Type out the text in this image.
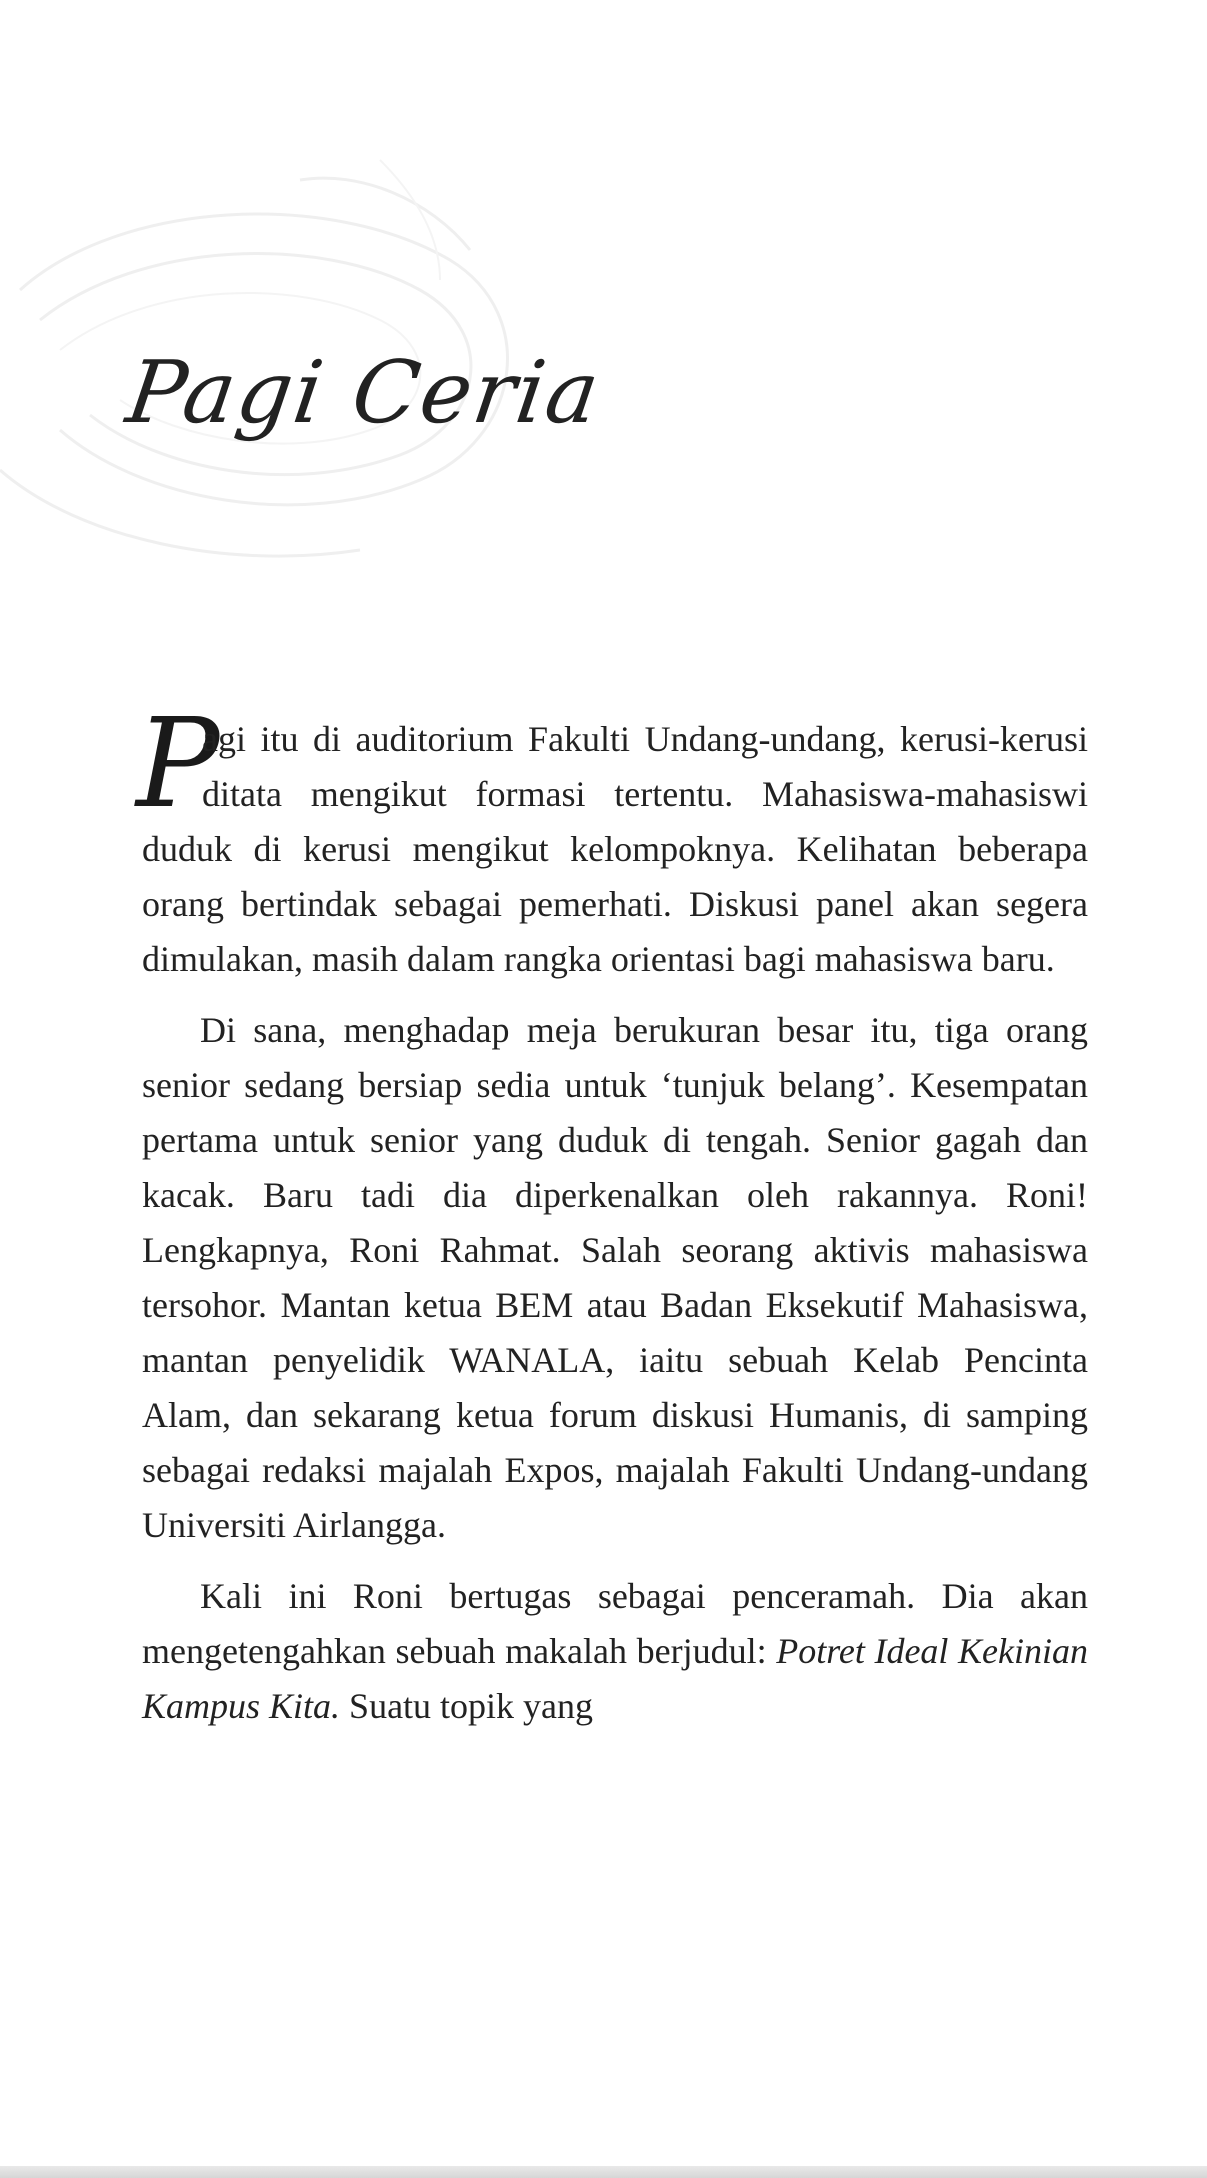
Pagi Ceria

P
agi itu di auditorium Fakulti Undang-undang, kerusi-kerusi ditata mengikut formasi tertentu. Mahasiswa-mahasiswi duduk di kerusi mengikut kelompoknya. Kelihatan beberapa orang bertindak sebagai pemerhati. Diskusi panel akan segera dimulakan, masih dalam rangka orientasi bagi mahasiswa baru.

Di sana, menghadap meja berukuran besar itu, tiga orang senior sedang bersiap sedia untuk ‘tunjuk belang’. Kesempatan pertama untuk senior yang duduk di tengah. Senior gagah dan kacak. Baru tadi dia diperkenalkan oleh rakannya. Roni! Lengkapnya, Roni Rahmat. Salah seorang aktivis mahasiswa tersohor. Mantan ketua BEM atau Badan Eksekutif Mahasiswa, mantan penyelidik WANALA, iaitu sebuah Kelab Pencinta Alam, dan sekarang ketua forum diskusi Humanis, di samping sebagai redaksi majalah Expos, majalah Fakulti Undang-undang Universiti Airlangga.

Kali ini Roni bertugas sebagai penceramah. Dia akan mengetengahkan sebuah makalah berjudul: Potret Ideal Kekinian Kampus Kita. Suatu topik yang
